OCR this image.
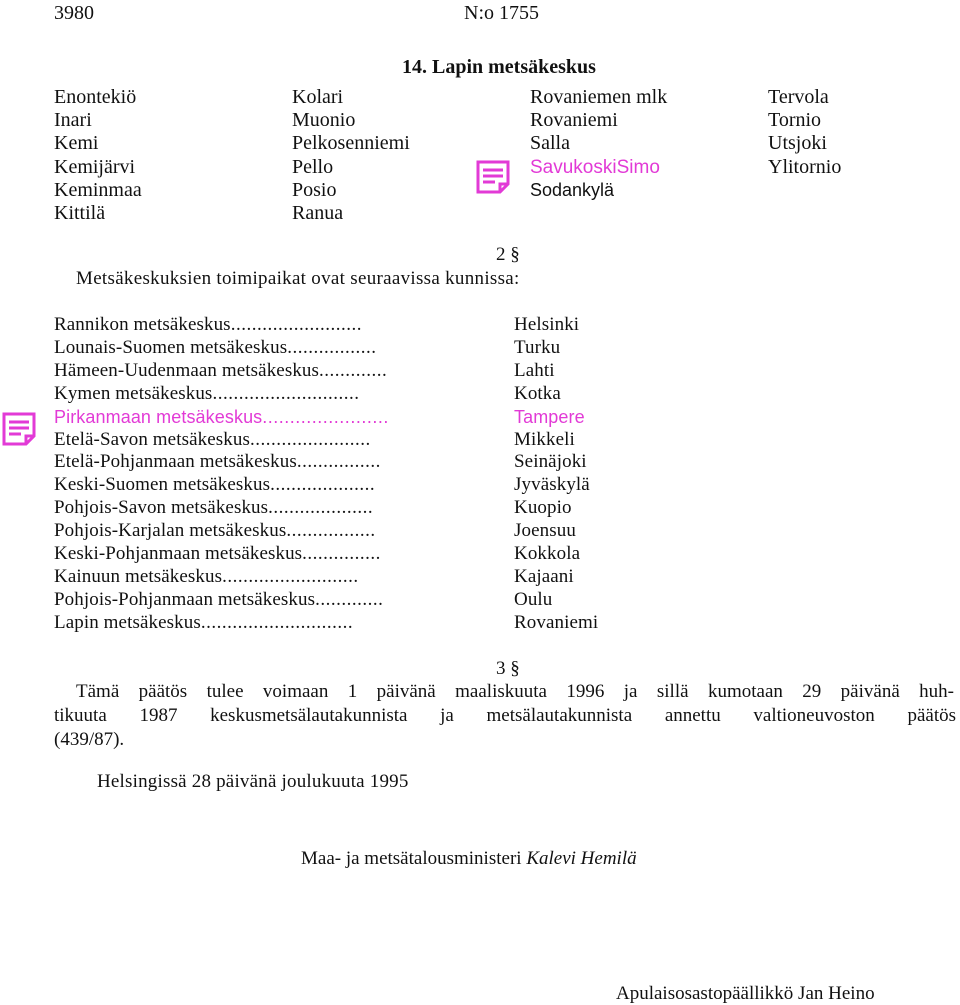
3980	N:o 1755
14. Lapin metsäkeskus
Enontekiö
Inari
Kemi
Kemijärvi
Keminmaa
Kittilä
Kolari
Muonio
Pelkosenniemi
Pello
Posio
Ranua
Rovaniemen mlk
Rovaniemi
Salla
SavukoskiSimo
Sodankylä
Tervola
Tornio
Utsjoki
Ylitornio
2 §
Metsäkeskuksien toimipaikat ovat seuraavissa kunnissa:
Rannikon metsäkeskus.........................
Lounais-Suomen metsäkeskus.................
Hämeen-Uudenmaan metsäkeskus.............
Kymen metsäkeskus............................
Pirkanmaan metsäkeskus.......................
Etelä-Savon metsäkeskus.......................
Etelä-Pohjanmaan metsäkeskus................
Keski-Suomen metsäkeskus....................
Pohjois-Savon metsäkeskus....................
Pohjois-Karjalan metsäkeskus.................
Keski-Pohjanmaan metsäkeskus...............
Kainuun metsäkeskus..........................
Pohjois-Pohjanmaan metsäkeskus.............
Lapin metsäkeskus.............................
Helsinki
Turku
Lahti
Kotka
Tampere
Mikkeli
Seinäjoki
Jyväskylä
Kuopio
Joensuu
Kokkola
Kajaani
Oulu
Rovaniemi
3 §
Tämä päätös tulee voimaan 1 päivänä maaliskuuta 1996 ja sillä kumotaan 29 päivänä huh-
tikuuta 1987 keskusmetsälautakunnista ja metsälautakunnista annettu valtioneuvoston päätös
(439/87).
Helsingissä 28 päivänä joulukuuta 1995
Maa- ja metsätalousministeri Kalevi Hemilä
Apulaisosastopäällikkö Jan Heino
